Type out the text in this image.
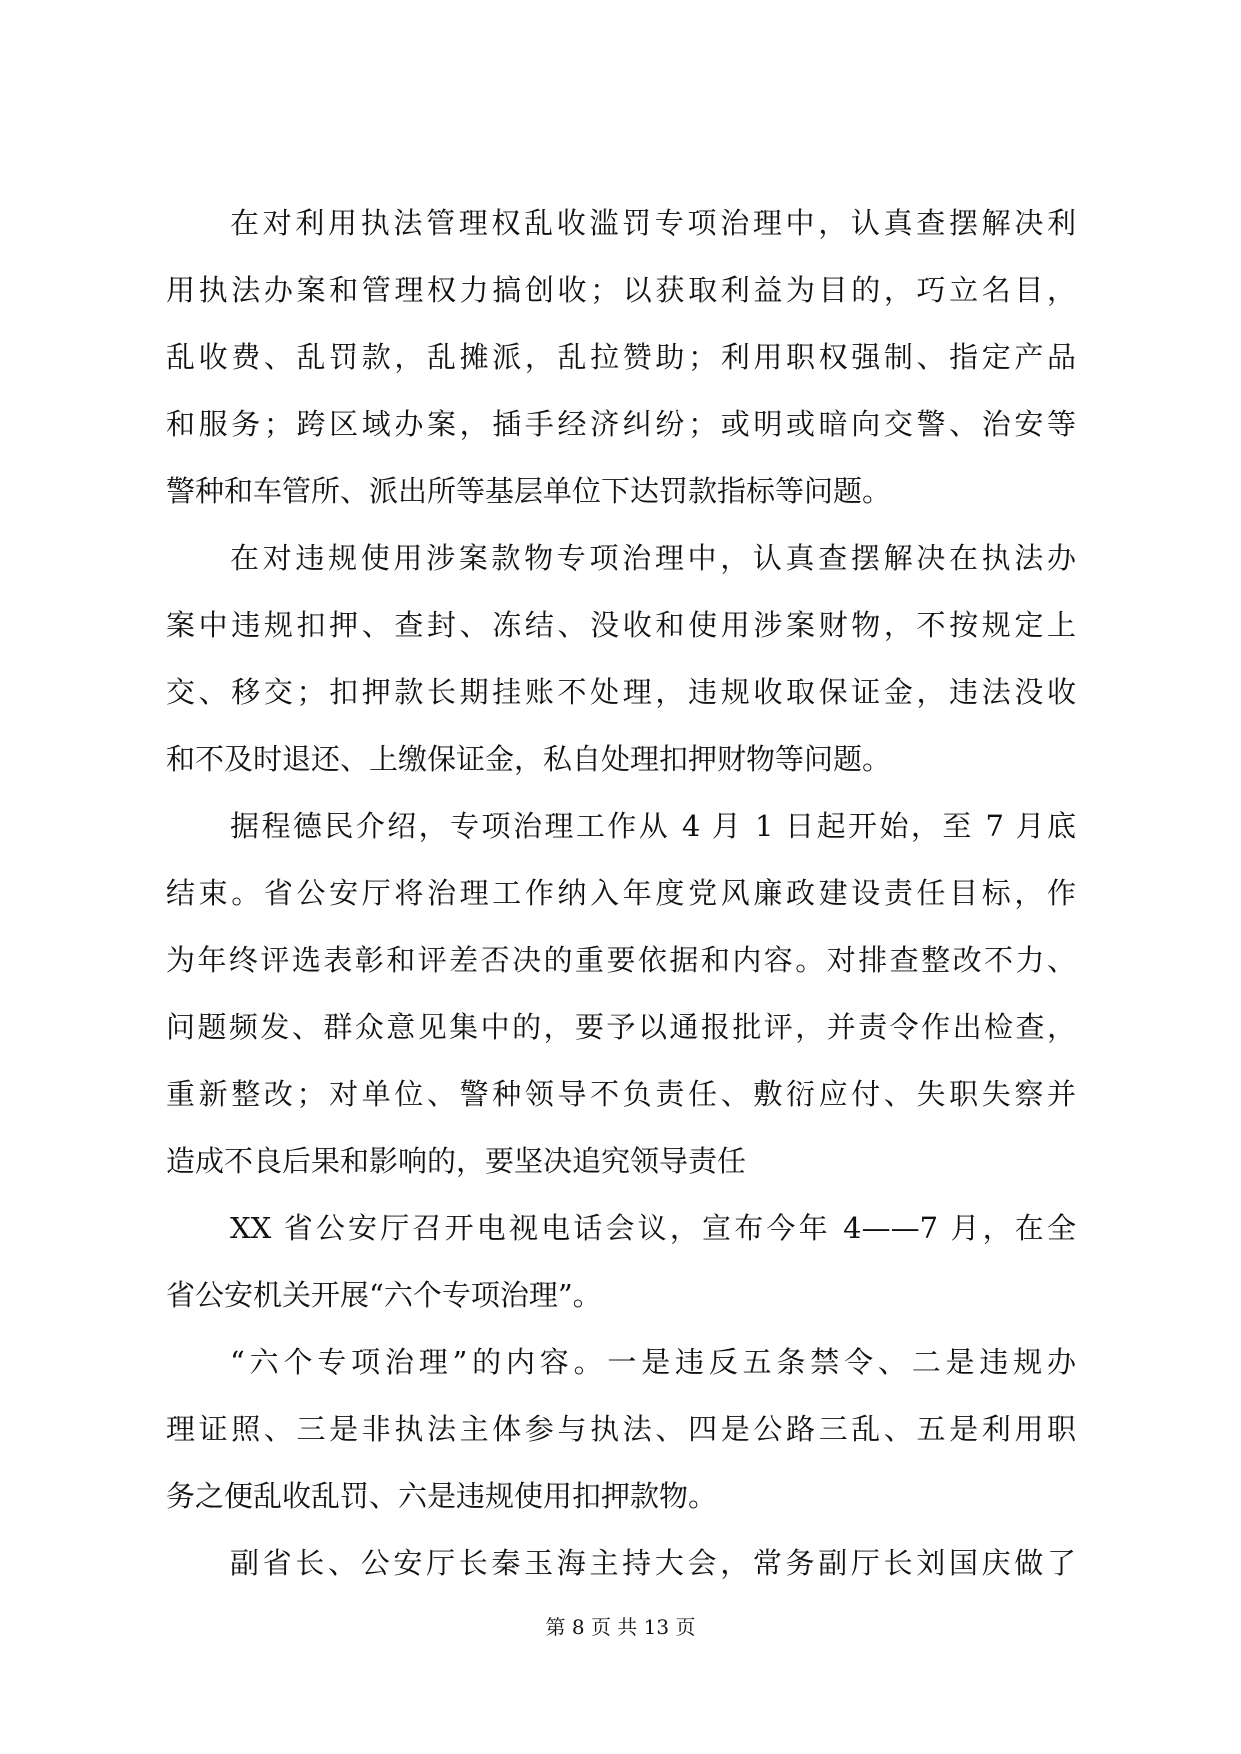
在对利用执法管理权乱收滥罚专项治理中，认真查摆解决利
用执法办案和管理权力搞创收；以获取利益为目的，巧立名目，
乱收费、乱罚款，乱摊派，乱拉赞助；利用职权强制、指定产品
和服务；跨区域办案，插手经济纠纷；或明或暗向交警、治安等
警种和车管所、派出所等基层单位下达罚款指标等问题。
在对违规使用涉案款物专项治理中，认真查摆解决在执法办
案中违规扣押、查封、冻结、没收和使用涉案财物，不按规定上
交、移交；扣押款长期挂账不处理，违规收取保证金，违法没收
和不及时退还、上缴保证金，私自处理扣押财物等问题。
据程德民介绍，专项治理工作从 4 月 1 日起开始，至 7 月底
结束。省公安厅将治理工作纳入年度党风廉政建设责任目标，作
为年终评选表彰和评差否决的重要依据和内容。对排查整改不力、
问题频发、群众意见集中的，要予以通报批评，并责令作出检查，
重新整改；对单位、警种领导不负责任、敷衍应付、失职失察并
造成不良后果和影响的，要坚决追究领导责任
XX 省公安厅召开电视电话会议，宣布今年 4——7 月，在全
省公安机关开展“六个专项治理”。
“六个专项治理”的内容。一是违反五条禁令、二是违规办
理证照、三是非执法主体参与执法、四是公路三乱、五是利用职
务之便乱收乱罚、六是违规使用扣押款物。
副省长、公安厅长秦玉海主持大会，常务副厅长刘国庆做了
第 8 页 共 13 页
